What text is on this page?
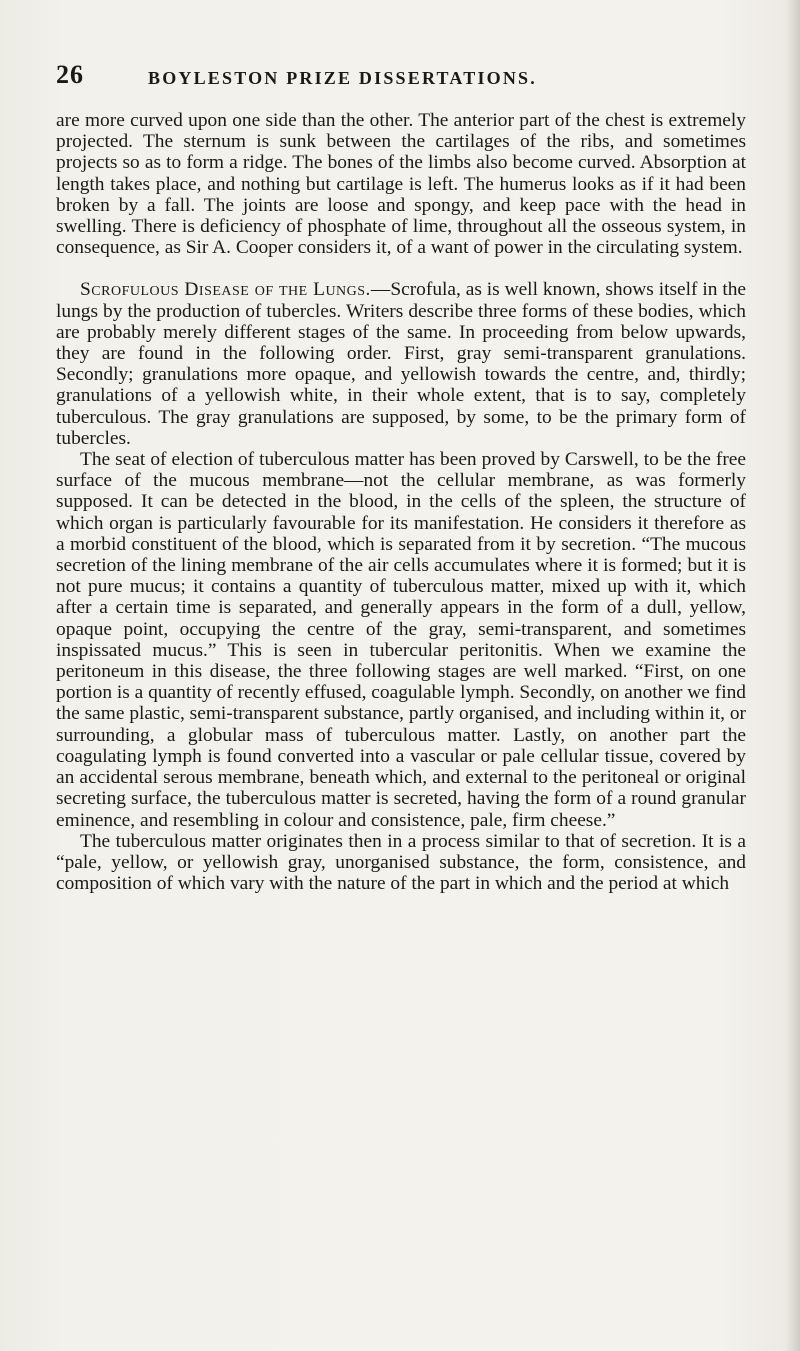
26	BOYLESTON PRIZE DISSERTATIONS.

are more curved upon one side than the other. The anterior part of the chest is extremely projected. The sternum is sunk between the cartilages of the ribs, and sometimes projects so as to form a ridge. The bones of the limbs also become curved. Absorption at length takes place, and nothing but cartilage is left. The humerus looks as if it had been broken by a fall. The joints are loose and spongy, and keep pace with the head in swelling. There is deficiency of phosphate of lime, throughout all the osseous system, in consequence, as Sir A. Cooper considers it, of a want of power in the circulating system.

Scrofulous Disease of the Lungs.—Scrofula, as is well known, shows itself in the lungs by the production of tubercles. Writers describe three forms of these bodies, which are probably merely different stages of the same. In proceeding from below upwards, they are found in the following order. First, gray semi-transparent granulations. Secondly; granulations more opaque, and yellowish towards the centre, and, thirdly; granulations of a yellowish white, in their whole extent, that is to say, completely tuberculous. The gray granulations are supposed, by some, to be the primary form of tubercles.

The seat of election of tuberculous matter has been proved by Carswell, to be the free surface of the mucous membrane—not the cellular membrane, as was formerly supposed. It can be detected in the blood, in the cells of the spleen, the structure of which organ is particularly favourable for its manifestation. He considers it therefore as a morbid constituent of the blood, which is separated from it by secretion. “The mucous secretion of the lining membrane of the air cells accumulates where it is formed; but it is not pure mucus; it contains a quantity of tuberculous matter, mixed up with it, which after a certain time is separated, and generally appears in the form of a dull, yellow, opaque point, occupying the centre of the gray, semi-transparent, and sometimes inspissated mucus.” This is seen in tubercular peritonitis. When we examine the peritoneum in this disease, the three following stages are well marked. “First, on one portion is a quantity of recently effused, coagulable lymph. Secondly, on another we find the same plastic, semi-transparent substance, partly organised, and including within it, or surrounding, a globular mass of tuberculous matter. Lastly, on another part the coagulating lymph is found converted into a vascular or pale cellular tissue, covered by an accidental serous membrane, beneath which, and external to the peritoneal or original secreting surface, the tuberculous matter is secreted, having the form of a round granular eminence, and resembling in colour and consistence, pale, firm cheese.”

The tuberculous matter originates then in a process similar to that of secretion. It is a “pale, yellow, or yellowish gray, unorganised substance, the form, consistence, and composition of which vary with the nature of the part in which and the period at which
